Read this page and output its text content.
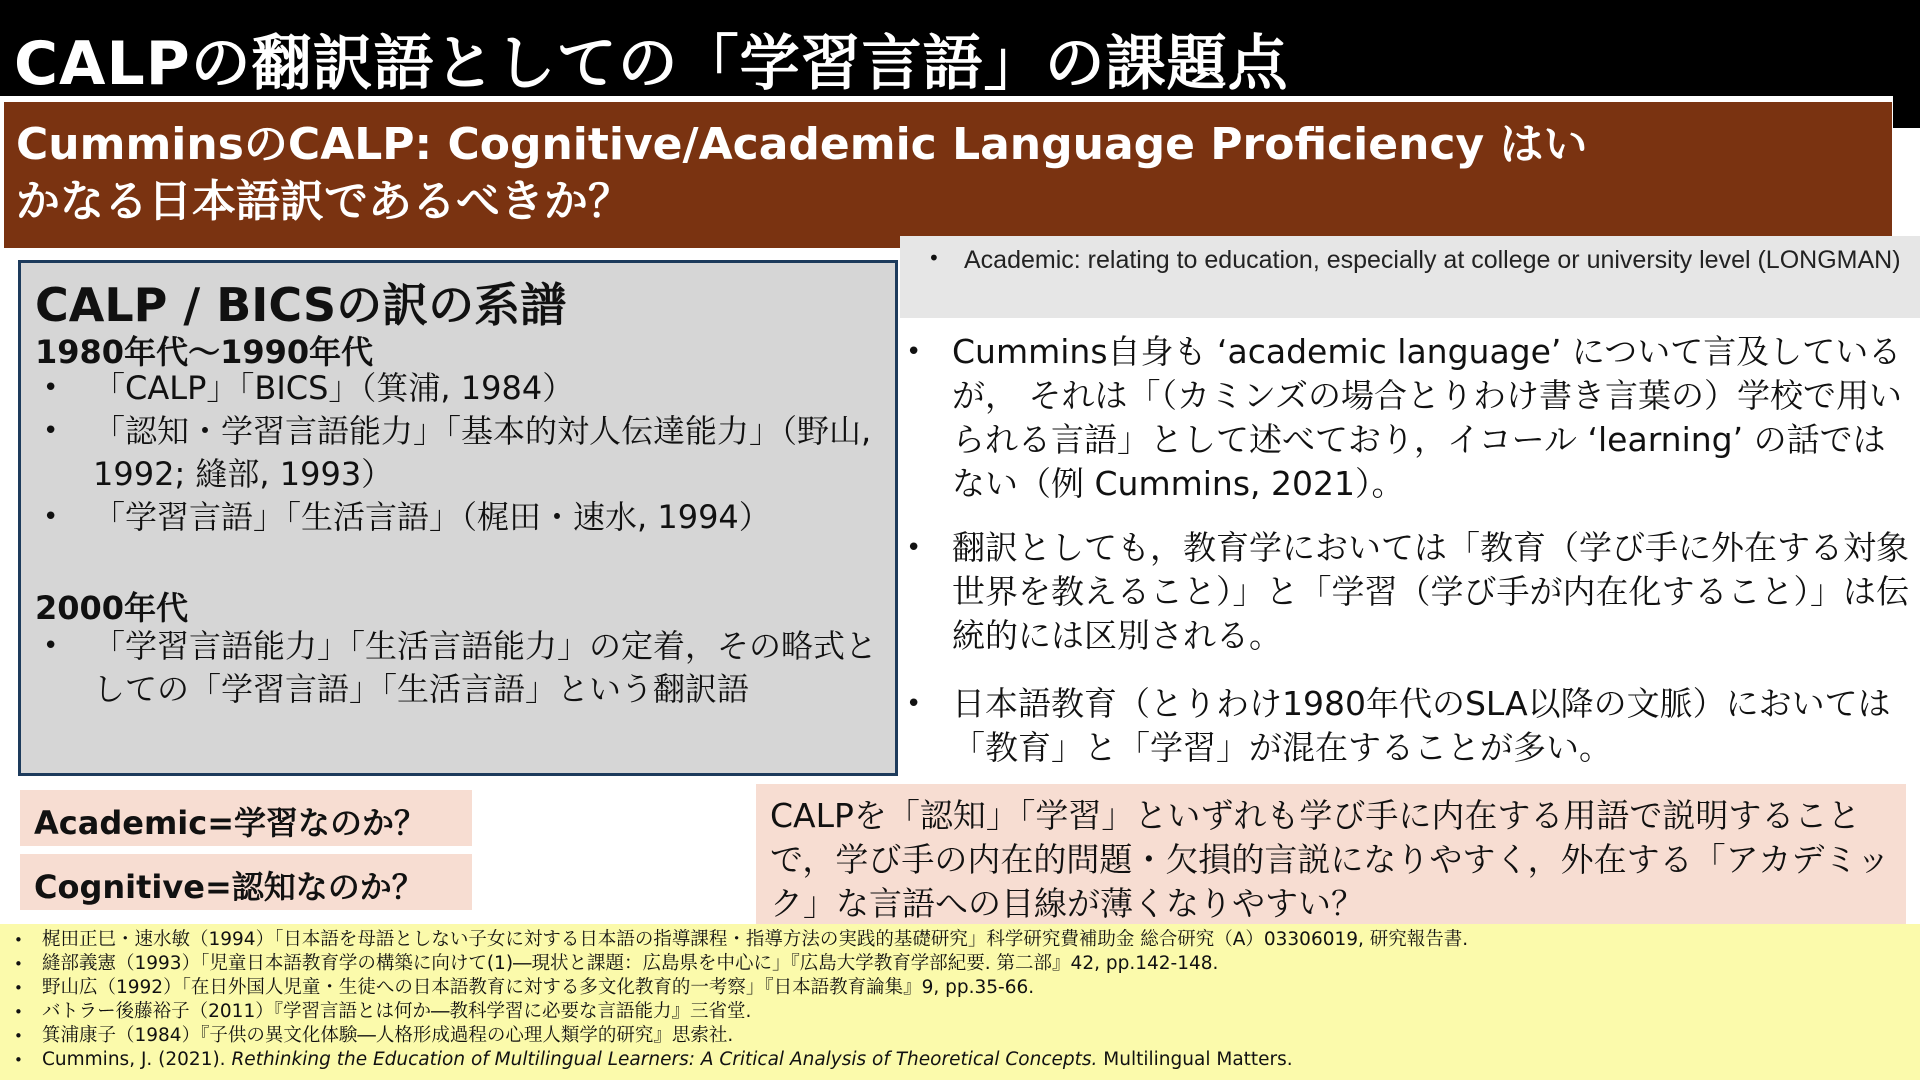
CALPの翻訳語としての「学習言語」の課題点

CumminsのCALP: Cognitive/Academic Language Proficiency はいかなる日本語訳であるべきか？

CALP / BICSの訳の系譜
1980年代〜1990年代
• 「CALP」「BICS」（箕浦, 1984）
• 「認知・学習言語能力」「基本的対人伝達能力」（野山, 1992; 縫部, 1993）
• 「学習言語」「生活言語」（梶田・速水, 1994）
2000年代
• 「学習言語能力」「生活言語能力」の定着，その略式としての「学習言語」「生活言語」という翻訳語
• Academic: relating to education, especially at college or university level (LONGMAN)

• Cummins自身も ‘academic language’ について言及しているが， それは「（カミンズの場合とりわけ書き言葉の）学校で用いられる言語」として述べており，イコール ‘learning’ の話ではない（例 Cummins, 2021）。
• 翻訳としても，教育学においては「教育（学び手に外在する対象世界を教えること）」と「学習（学び手が内在化すること）」は伝統的には区別される。
• 日本語教育（とりわけ1980年代のSLA以降の文脈）においては「教育」と「学習」が混在することが多い。
Academic=学習なのか？
Cognitive=認知なのか？

CALPを「認知」「学習」といずれも学び手に内在する用語で説明することで，学び手の内在的問題・欠損的言説になりやすく，外在する「アカデミック」な言語への目線が薄くなりやすい？

• 梶田正巳・速水敏（1994）「日本語を母語としない子女に対する日本語の指導課程・指導方法の実践的基礎研究」科学研究費補助金 総合研究（A）03306019, 研究報告書.
• 縫部義憲（1993）「児童日本語教育学の構築に向けて(1)―現状と課題：広島県を中心に」『広島大学教育学部紀要. 第二部』42, pp.142-148.
• 野山広（1992）「在日外国人児童・生徒への日本語教育に対する多文化教育的一考察」『日本語教育論集』9, pp.35-66.
• バトラー後藤裕子（2011）『学習言語とは何か―教科学習に必要な言語能力』三省堂.
• 箕浦康子（1984）『子供の異文化体験―人格形成過程の心理人類学的研究』思索社.
• Cummins, J. (2021). Rethinking the Education of Multilingual Learners: A Critical Analysis of Theoretical Concepts. Multilingual Matters.
